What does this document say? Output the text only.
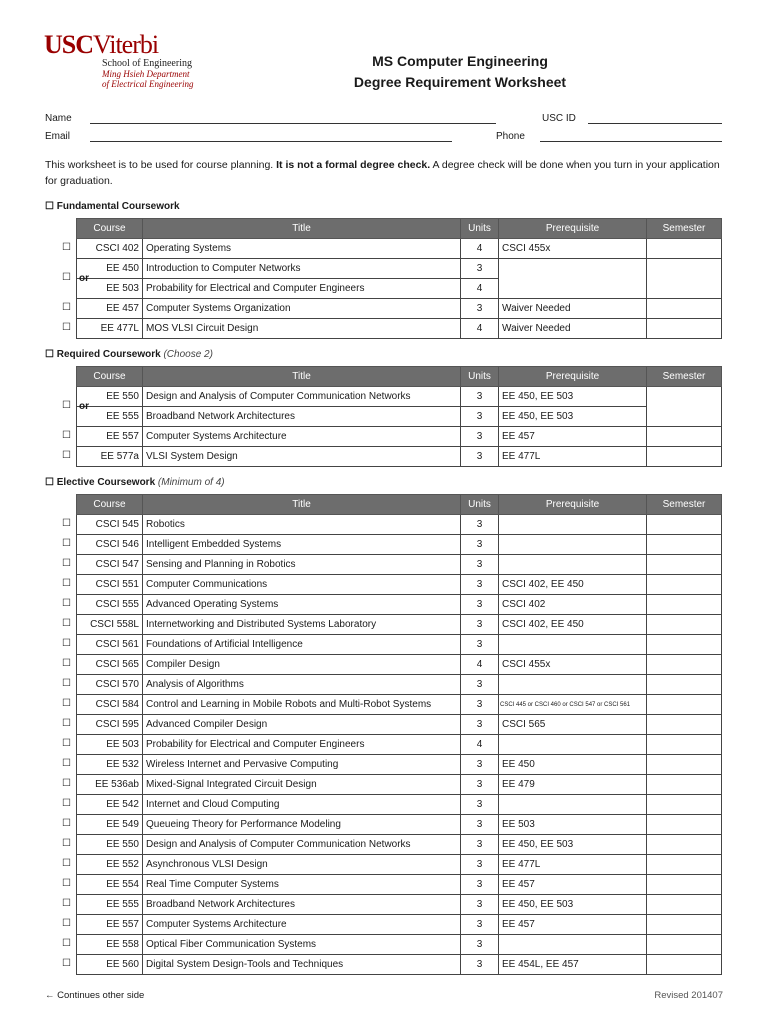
USCViterbi
School of Engineering
Ming Hsieh Department
of Electrical Engineering
MS Computer Engineering
Degree Requirement Worksheet
Name	USC ID
Email	Phone
This worksheet is to be used for course planning. It is not a formal degree check. A degree check will be done when you turn in your application for graduation.
☐ Fundamental Coursework
☐ Required Coursework (Choose 2)
☐ Elective Coursework (Minimum of 4)
Course	Title	Units	Prerequisite	Semester
CSCI 402	Operating Systems	4	CSCI 455x	
EE 450	Introduction to Computer Networks	3		
EE 503	Probability for Electrical and Computer Engineers	4		
EE 457	Computer Systems Organization	3	Waiver Needed	
EE 477L	MOS VLSI Circuit Design	4	Waiver Needed	
Course	Title	Units	Prerequisite	Semester
EE 550	Design and Analysis of Computer Communication Networks	3	EE 450, EE 503	
EE 555	Broadband Network Architectures	3	EE 450, EE 503	
EE 557	Computer Systems Architecture	3	EE 457	
EE 577a	VLSI System Design	3	EE 477L	
Course	Title	Units	Prerequisite	Semester
CSCI 545	Robotics	3		
CSCI 546	Intelligent Embedded Systems	3		
CSCI 547	Sensing and Planning in Robotics	3		
CSCI 551	Computer Communications	3	CSCI 402, EE 450	
CSCI 555	Advanced Operating Systems	3	CSCI 402	
CSCI 558L	Internetworking and Distributed Systems Laboratory	3	CSCI 402, EE 450	
CSCI 561	Foundations of Artificial Intelligence	3		
CSCI 565	Compiler Design	4	CSCI 455x	
CSCI 570	Analysis of Algorithms	3		
CSCI 584	Control and Learning in Mobile Robots and Multi-Robot Systems	3	CSCI 445 or CSCI 460 or CSCI 547 or CSCI 561	
CSCI 595	Advanced Compiler Design	3	CSCI 565	
EE 503	Probability for Electrical and Computer Engineers	4		
EE 532	Wireless Internet and Pervasive Computing	3	EE 450	
EE 536ab	Mixed-Signal Integrated Circuit Design	3	EE 479	
EE 542	Internet and Cloud Computing	3		
EE 549	Queueing Theory for Performance Modeling	3	EE 503	
EE 550	Design and Analysis of Computer Communication Networks	3	EE 450, EE 503	
EE 552	Asynchronous VLSI Design	3	EE 477L	
EE 554	Real Time Computer Systems	3	EE 457	
EE 555	Broadband Network Architectures	3	EE 450, EE 503	
EE 557	Computer Systems Architecture	3	EE 457	
EE 558	Optical Fiber Communication Systems	3		
EE 560	Digital System Design-Tools and Techniques	3	EE 454L, EE 457	
← Continues other side	Revised 201407
☐
☐ or
☐
☐
☐ or
☐
☐
☐
☐
☐
☐
☐
☐
☐
☐
☐
☐
☐
☐
☐
☐
☐
☐
☐
☐
☐
☐
☐
☐
☐
